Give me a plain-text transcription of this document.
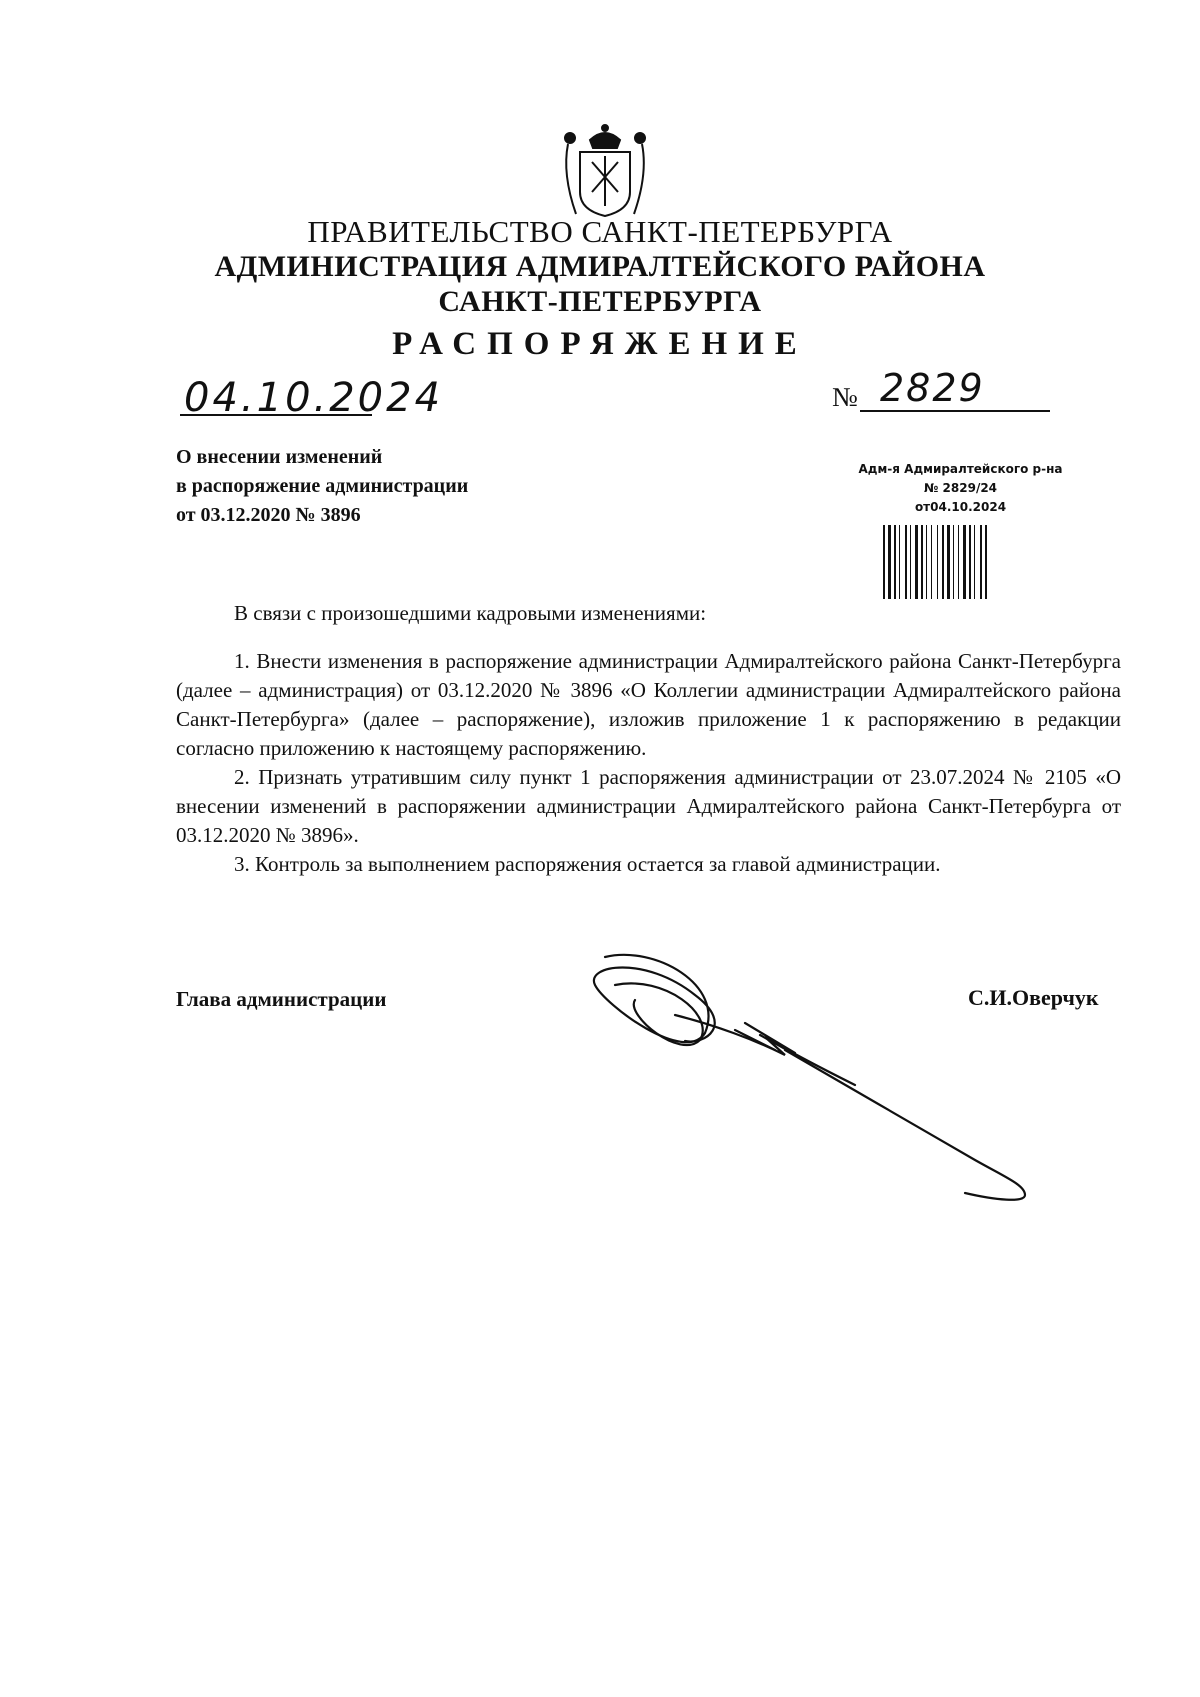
ПРАВИТЕЛЬСТВО САНКТ-ПЕТЕРБУРГА
АДМИНИСТРАЦИЯ АДМИРАЛТЕЙСКОГО РАЙОНА
САНКТ-ПЕТЕРБУРГА
РАСПОРЯЖЕНИЕ
04.10.2024	№ 2829
О внесении изменений
в распоряжение администрации
от 03.12.2020 № 3896
Адм-я Адмиралтейского р-на
№ 2829/24
от04.10.2024
В связи с произошедшими кадровыми изменениями:

1. Внести изменения в распоряжение администрации Адмиралтейского района Санкт-Петербурга (далее – администрация) от 03.12.2020 № 3896 «О Коллегии администрации Адмиралтейского района Санкт-Петербурга» (далее – распоряжение), изложив приложение 1 к распоряжению в редакции согласно приложению к настоящему распоряжению.

2. Признать утратившим силу пункт 1 распоряжения администрации от 23.07.2024 № 2105 «О внесении изменений в распоряжении администрации Адмиралтейского района Санкт-Петербурга от 03.12.2020 № 3896».

3. Контроль за выполнением распоряжения остается за главой администрации.

Глава администрации	С.И.Оверчук
